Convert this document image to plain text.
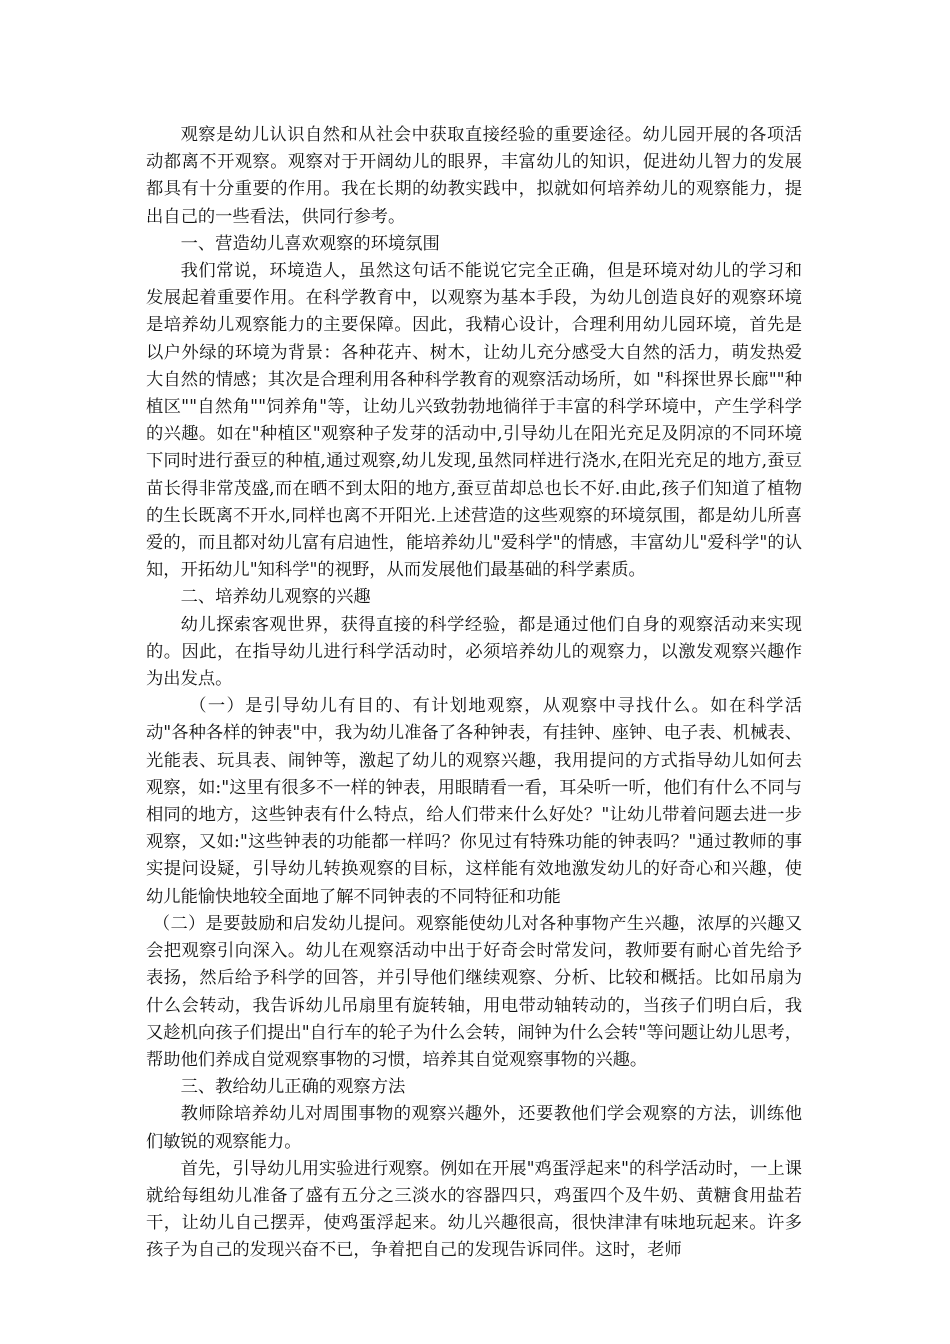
观察是幼儿认识自然和从社会中获取直接经验的重要途径。幼儿园开展的各项活动都离不开观察。观察对于开阔幼儿的眼界，丰富幼儿的知识，促进幼儿智力的发展都具有十分重要的作用。我在长期的幼教实践中，拟就如何培养幼儿的观察能力，提出自己的一些看法，供同行参考。

一、营造幼儿喜欢观察的环境氛围

我们常说，环境造人，虽然这句话不能说它完全正确，但是环境对幼儿的学习和发展起着重要作用。在科学教育中，以观察为基本手段，为幼儿创造良好的观察环境是培养幼儿观察能力的主要保障。因此，我精心设计，合理利用幼儿园环境，首先是以户外绿的环境为背景：各种花卉、树木，让幼儿充分感受大自然的活力，萌发热爱大自然的情感；其次是合理利用各种科学教育的观察活动场所，如 "科探世界长廊""种植区""自然角""饲养角"等，让幼儿兴致勃勃地徜徉于丰富的科学环境中，产生学科学的兴趣。如在"种植区"观察种子发芽的活动中,引导幼儿在阳光充足及阴凉的不同环境下同时进行蚕豆的种植,通过观察,幼儿发现,虽然同样进行浇水,在阳光充足的地方,蚕豆苗长得非常茂盛,而在晒不到太阳的地方,蚕豆苗却总也长不好.由此,孩子们知道了植物的生长既离不开水,同样也离不开阳光.上述营造的这些观察的环境氛围，都是幼儿所喜爱的，而且都对幼儿富有启迪性，能培养幼儿"爱科学"的情感，丰富幼儿"爱科学"的认知，开拓幼儿"知科学"的视野，从而发展他们最基础的科学素质。

二、培养幼儿观察的兴趣

幼儿探索客观世界，获得直接的科学经验，都是通过他们自身的观察活动来实现的。因此，在指导幼儿进行科学活动时，必须培养幼儿的观察力，以激发观察兴趣作为出发点。

（一）是引导幼儿有目的、有计划地观察，从观察中寻找什么。如在科学活动"各种各样的钟表"中，我为幼儿准备了各种钟表，有挂钟、座钟、电子表、机械表、光能表、玩具表、闹钟等，激起了幼儿的观察兴趣，我用提问的方式指导幼儿如何去观察，如:"这里有很多不一样的钟表，用眼睛看一看，耳朵听一听，他们有什么不同与相同的地方，这些钟表有什么特点，给人们带来什么好处？"让幼儿带着问题去进一步观察，又如:"这些钟表的功能都一样吗？你见过有特殊功能的钟表吗？"通过教师的事实提问设疑，引导幼儿转换观察的目标，这样能有效地激发幼儿的好奇心和兴趣，使幼儿能愉快地较全面地了解不同钟表的不同特征和功能

（二）是要鼓励和启发幼儿提问。观察能使幼儿对各种事物产生兴趣，浓厚的兴趣又会把观察引向深入。幼儿在观察活动中出于好奇会时常发问，教师要有耐心首先给予表扬，然后给予科学的回答，并引导他们继续观察、分析、比较和概括。比如吊扇为什么会转动，我告诉幼儿吊扇里有旋转轴，用电带动轴转动的，当孩子们明白后，我又趁机向孩子们提出"自行车的轮子为什么会转，闹钟为什么会转"等问题让幼儿思考，帮助他们养成自觉观察事物的习惯，培养其自觉观察事物的兴趣。

三、教给幼儿正确的观察方法

教师除培养幼儿对周围事物的观察兴趣外，还要教他们学会观察的方法，训练他们敏锐的观察能力。

首先，引导幼儿用实验进行观察。例如在开展"鸡蛋浮起来"的科学活动时，一上课就给每组幼儿准备了盛有五分之三淡水的容器四只，鸡蛋四个及牛奶、黄糖食用盐若干，让幼儿自己摆弄，使鸡蛋浮起来。幼儿兴趣很高，很快津津有味地玩起来。许多孩子为自己的发现兴奋不已，争着把自己的发现告诉同伴。这时，老师
